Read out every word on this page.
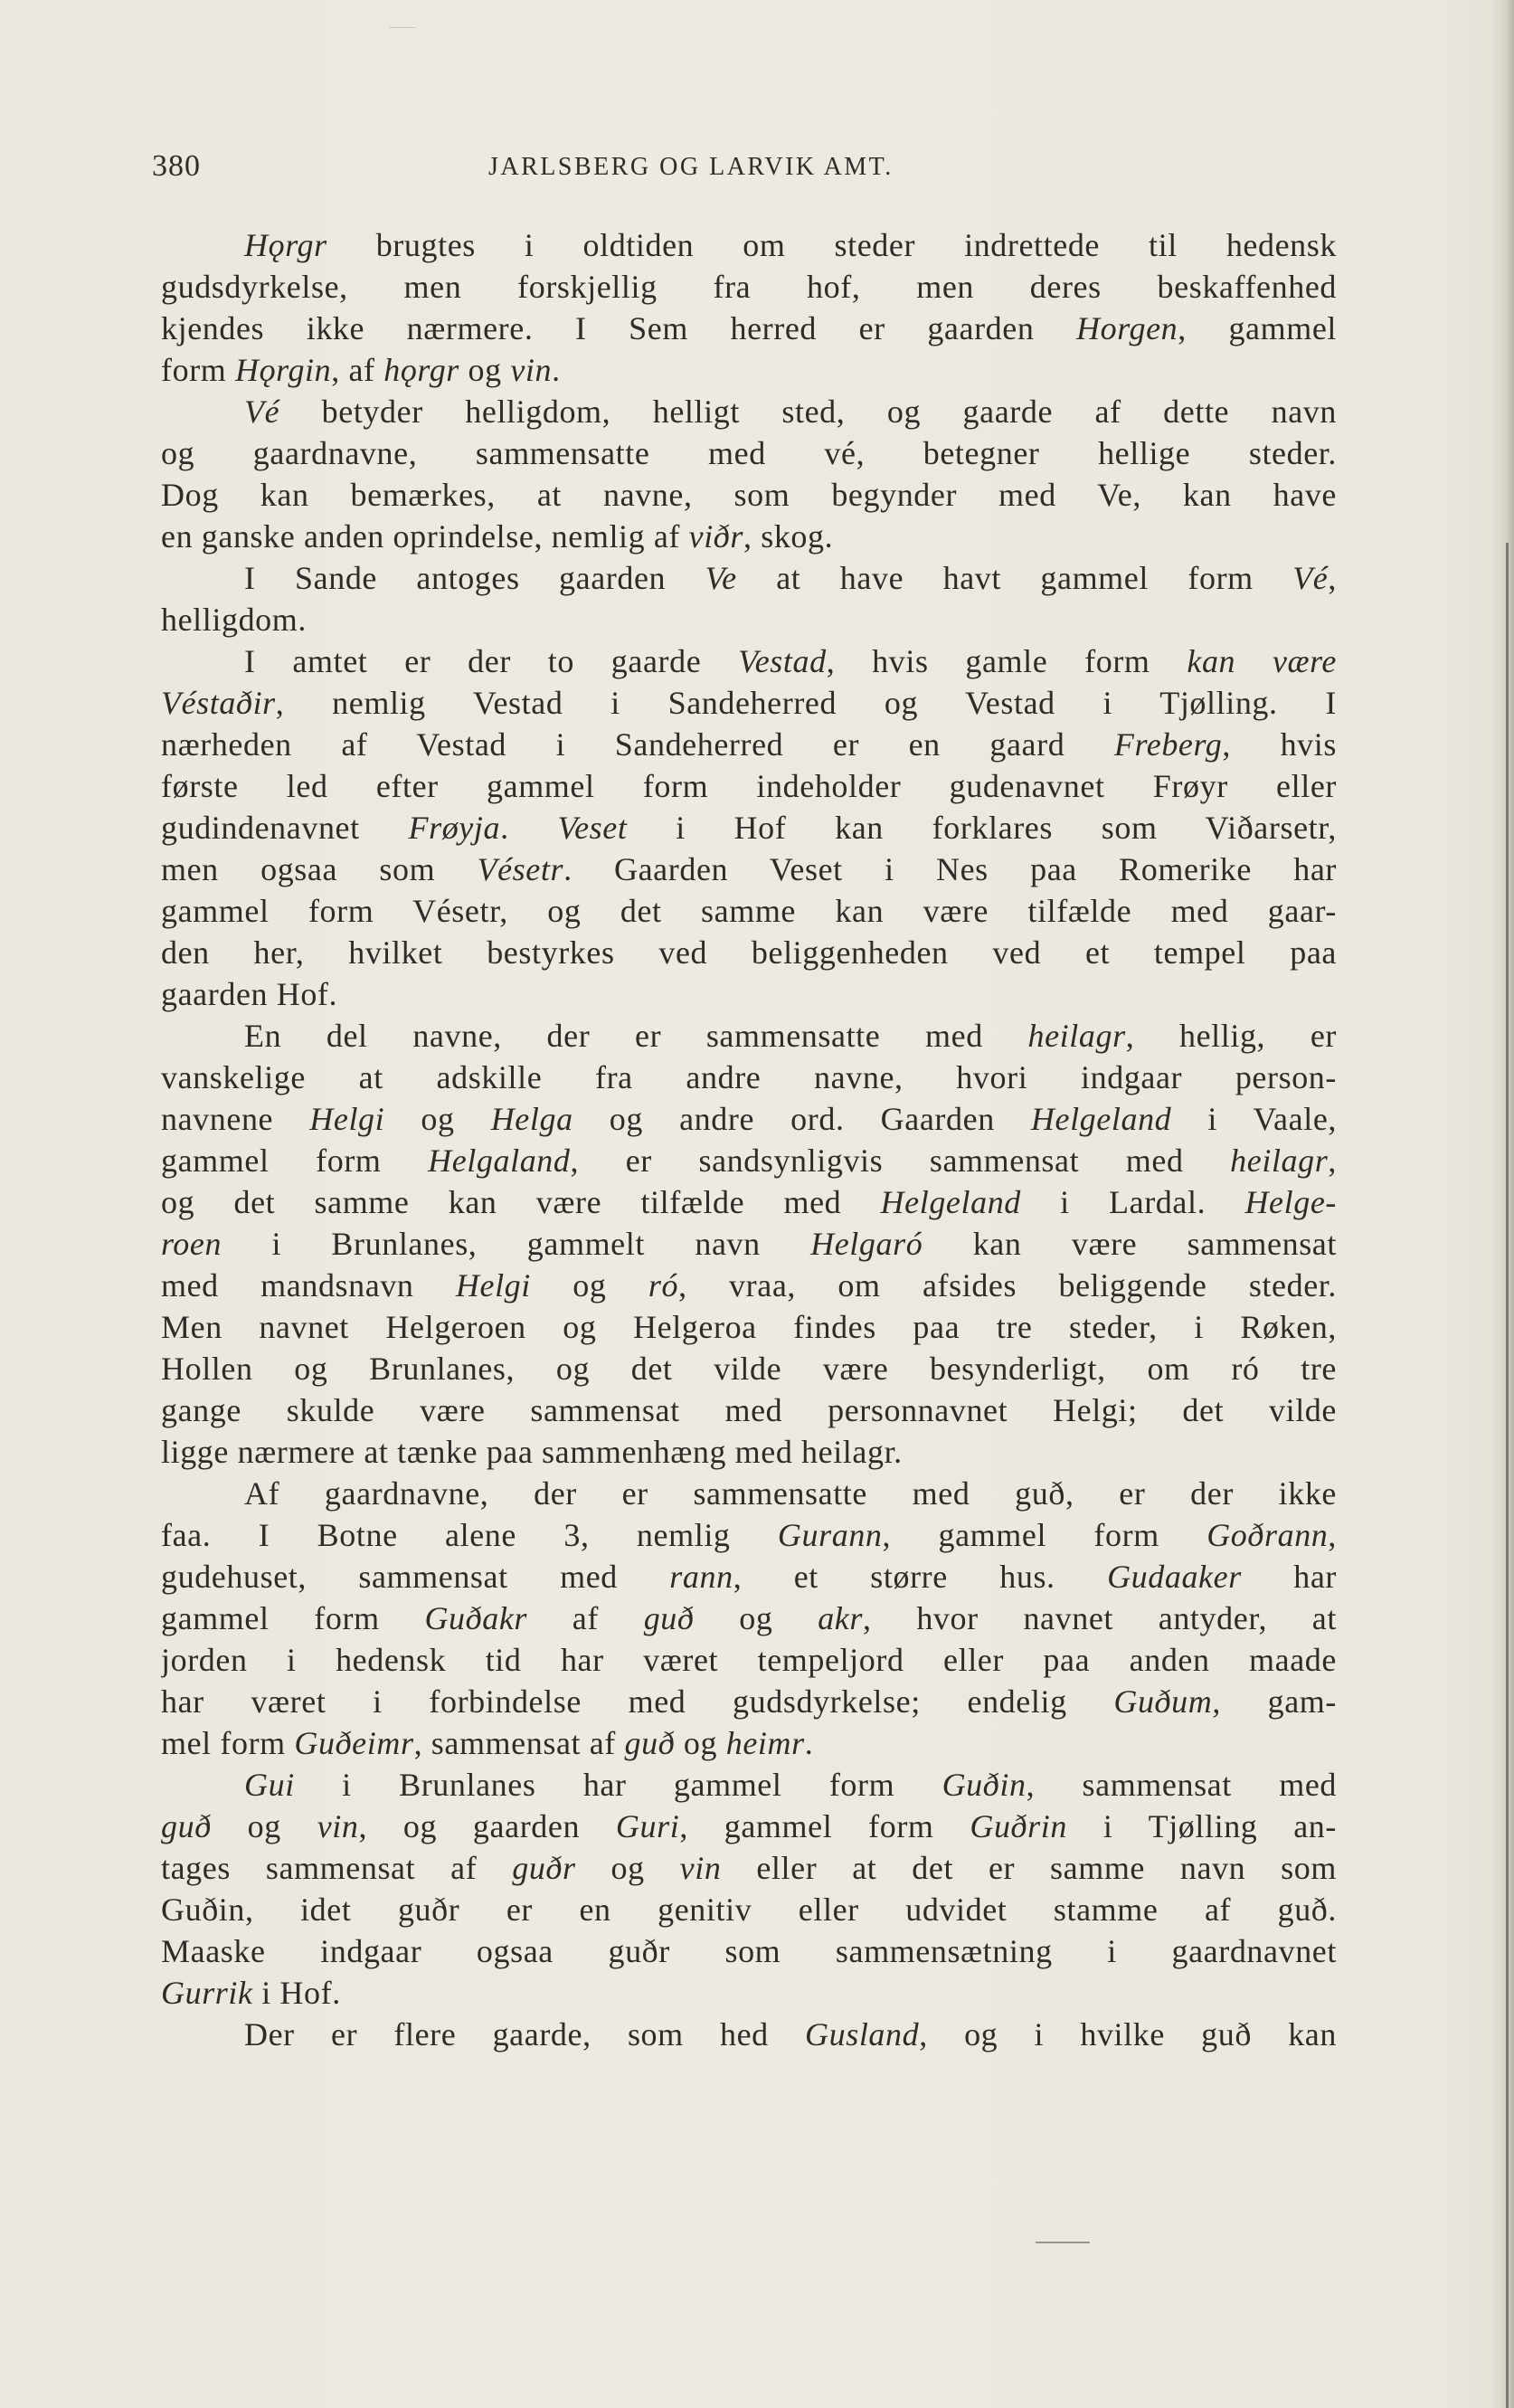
380	JARLSBERG OG LARVIK AMT.
Hǫrgr brugtes i oldtiden om steder indrettede til hedensk
gudsdyrkelse, men forskjellig fra hof, men deres beskaffenhed
kjendes ikke nærmere. I Sem herred er gaarden Horgen, gammel
form Hǫrgin, af hǫrgr og vin.
Vé betyder helligdom, helligt sted, og gaarde af dette navn
og gaardnavne, sammensatte med vé, betegner hellige steder.
Dog kan bemærkes, at navne, som begynder med Ve, kan have
en ganske anden oprindelse, nemlig af viðr, skog.
I Sande antoges gaarden Ve at have havt gammel form Vé,
helligdom.
I amtet er der to gaarde Vestad, hvis gamle form kan være
Véstaðir, nemlig Vestad i Sandeherred og Vestad i Tjølling. I
nærheden af Vestad i Sandeherred er en gaard Freberg, hvis
første led efter gammel form indeholder gudenavnet Frøyr eller
gudindenavnet Frøyja. Veset i Hof kan forklares som Viðarsetr,
men ogsaa som Vésetr. Gaarden Veset i Nes paa Romerike har
gammel form Vésetr, og det samme kan være tilfælde med gaar-
den her, hvilket bestyrkes ved beliggenheden ved et tempel paa
gaarden Hof.
En del navne, der er sammensatte med heilagr, hellig, er
vanskelige at adskille fra andre navne, hvori indgaar person-
navnene Helgi og Helga og andre ord. Gaarden Helgeland i Vaale,
gammel form Helgaland, er sandsynligvis sammensat med heilagr,
og det samme kan være tilfælde med Helgeland i Lardal. Helge-
roen i Brunlanes, gammelt navn Helgaró kan være sammensat
med mandsnavn Helgi og ró, vraa, om afsides beliggende steder.
Men navnet Helgeroen og Helgeroa findes paa tre steder, i Røken,
Hollen og Brunlanes, og det vilde være besynderligt, om ró tre
gange skulde være sammensat med personnavnet Helgi; det vilde
ligge nærmere at tænke paa sammenhæng med heilagr.
Af gaardnavne, der er sammensatte med guð, er der ikke
faa. I Botne alene 3, nemlig Gurann, gammel form Goðrann,
gudehuset, sammensat med rann, et større hus. Gudaaker har
gammel form Guðakr af guð og akr, hvor navnet antyder, at
jorden i hedensk tid har været tempeljord eller paa anden maade
har været i forbindelse med gudsdyrkelse; endelig Guðum, gam-
mel form Guðeimr, sammensat af guð og heimr.
Gui i Brunlanes har gammel form Guðin, sammensat med
guð og vin, og gaarden Guri, gammel form Guðrin i Tjølling an-
tages sammensat af guðr og vin eller at det er samme navn som
Guðin, idet guðr er en genitiv eller udvidet stamme af guð.
Maaske indgaar ogsaa guðr som sammensætning i gaardnavnet
Gurrik i Hof.
Der er flere gaarde, som hed Gusland, og i hvilke guð kan
